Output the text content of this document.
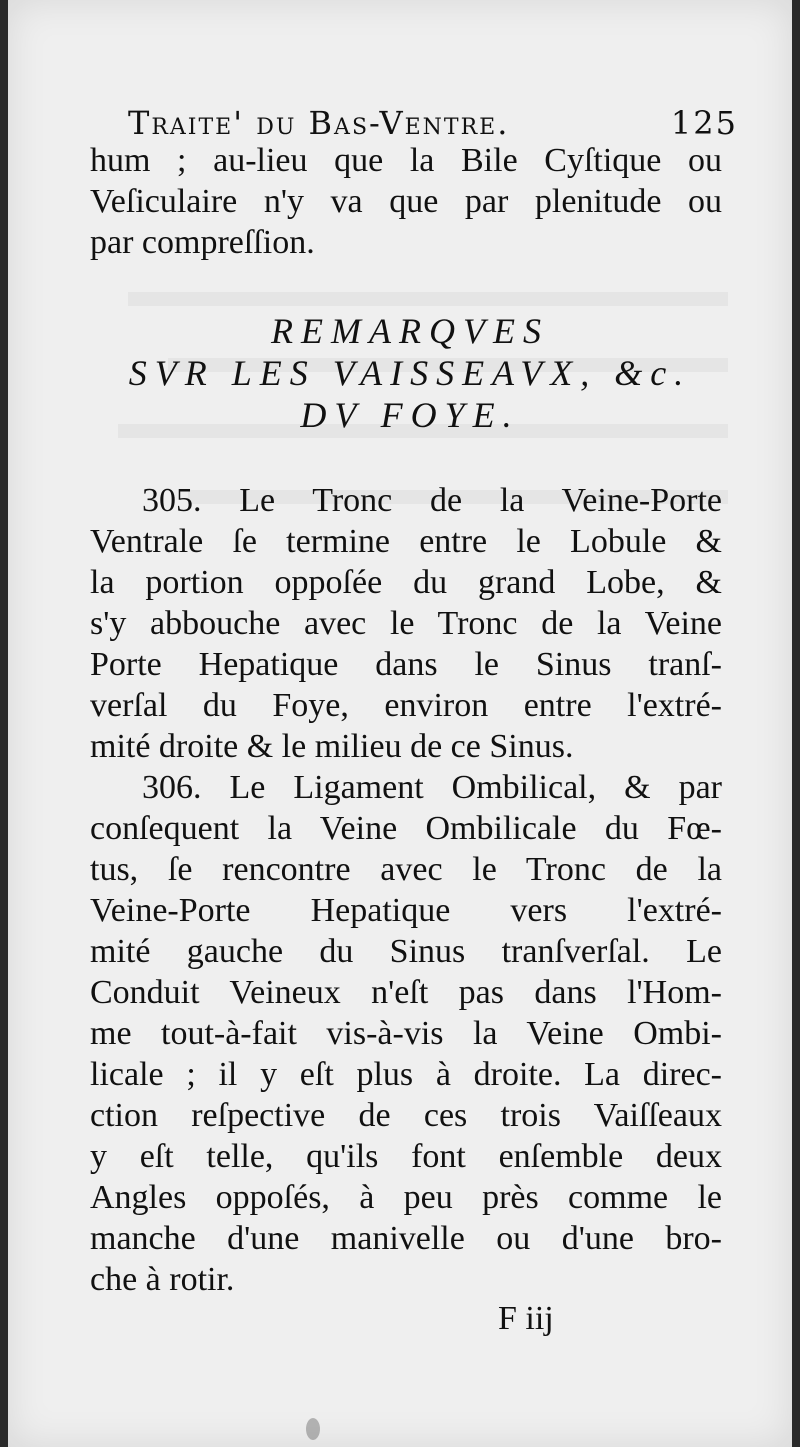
Traite' du Bas-Ventre.	125
hum ; au-lieu que la Bile Cyſtique ou
Veſiculaire n'y va que par plenitude ou
par compreſſion.
REMARQVES
SVR LES VAISSEAVX, &c.
DV FOYE.
305. Le Tronc de la Veine-Porte
Ventrale ſe termine entre le Lobule &
la portion oppoſée du grand Lobe, &
s'y abbouche avec le Tronc de la Veine
Porte Hepatique dans le Sinus tranſ-
verſal du Foye, environ entre l'extré-
mité droite & le milieu de ce Sinus.
306. Le Ligament Ombilical, & par
conſequent la Veine Ombilicale du Fœ-
tus, ſe rencontre avec le Tronc de la
Veine-Porte Hepatique vers l'extré-
mité gauche du Sinus tranſverſal. Le
Conduit Veineux n'eſt pas dans l'Hom-
me tout-à-fait vis-à-vis la Veine Ombi-
licale ; il y eſt plus à droite. La direc-
ction reſpective de ces trois Vaiſſeaux
y eſt telle, qu'ils font enſemble deux
Angles oppoſés, à peu près comme le
manche d'une manivelle ou d'une bro-
che à rotir.
F iij
